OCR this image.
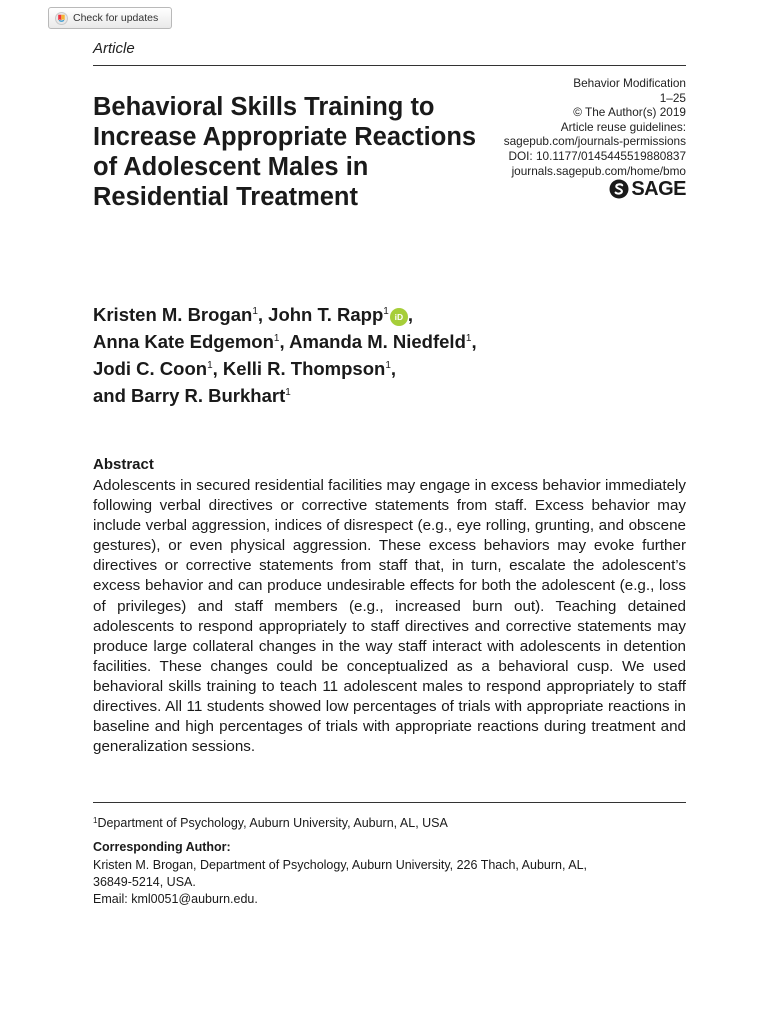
Check for updates
Article
Behavioral Skills Training to Increase Appropriate Reactions of Adolescent Males in Residential Treatment
Behavior Modification
1–25
© The Author(s) 2019
Article reuse guidelines:
sagepub.com/journals-permissions
DOI: 10.1177/0145445519880837
journals.sagepub.com/home/bmo
SAGE
Kristen M. Brogan$^1$, John T. Rapp$^1$ iD ,
Anna Kate Edgemon$^1$, Amanda M. Niedfeld$^1$,
Jodi C. Coon$^1$, Kelli R. Thompson$^1$,
and Barry R. Burkhart$^1$
Abstract

Adolescents in secured residential facilities may engage in excess behavior immediately following verbal directives or corrective statements from staff. Excess behavior may include verbal aggression, indices of disrespect (e.g., eye rolling, grunting, and obscene gestures), or even physical aggression. These excess behaviors may evoke further directives or corrective statements from staff that, in turn, escalate the adolescent’s excess behavior and can produce undesirable effects for both the adolescent (e.g., loss of privileges) and staff members (e.g., increased burn out). Teaching detained adolescents to respond appropriately to staff directives and corrective statements may produce large collateral changes in the way staff interact with adolescents in detention facilities. These changes could be conceptualized as a behavioral cusp. We used behavioral skills training to teach 11 adolescent males to respond appropriately to staff directives. All 11 students showed low percentages of trials with appropriate reactions in baseline and high percentages of trials with appropriate reactions during treatment and generalization sessions.

$^1$Department of Psychology, Auburn University, Auburn, AL, USA
Corresponding Author:
Kristen M. Brogan, Department of Psychology, Auburn University, 226 Thach, Auburn, AL,
36849-5214, USA.
Email: kml0051@auburn.edu.
